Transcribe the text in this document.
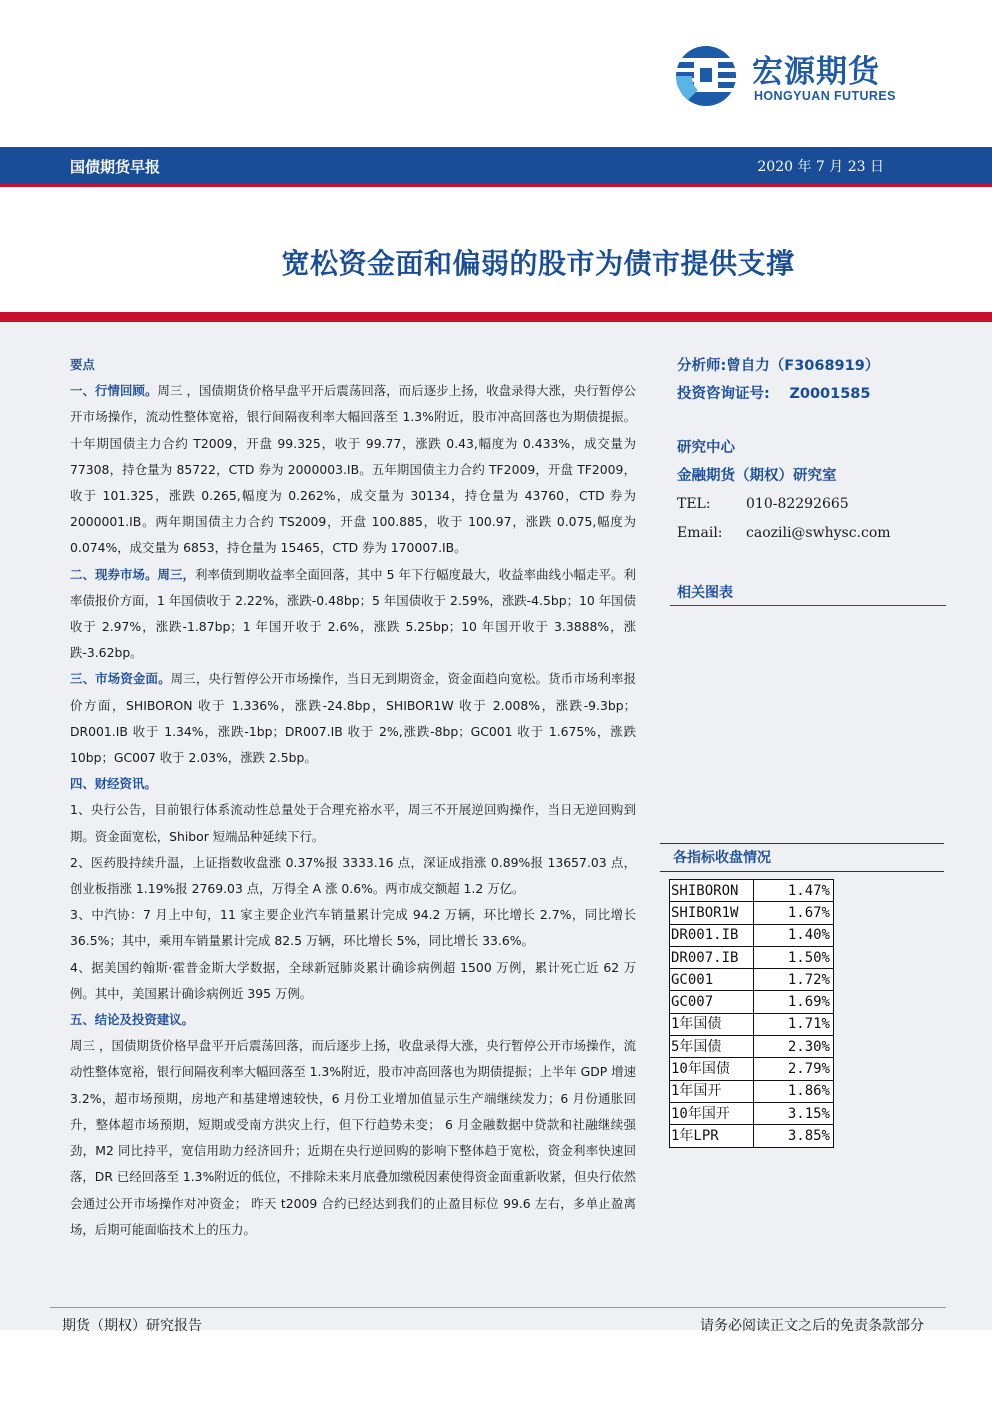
宏源期货
HONGYUAN FUTURES
国债期货早报	2020 年 7 月 23 日
宽松资金面和偏弱的股市为债市提供支撑

要点

一、行情回顾。周三 ，国债期货价格早盘平开后震荡回落，而后逐步上扬，收盘录得大涨，央行暂停公开市场操作，流动性整体宽裕，银行间隔夜利率大幅回落至 1.3%附近，股市冲高回落也为期债提振。十年期国债主力合约 T2009，开盘 99.325，收于 99.77，涨跌 0.43,幅度为 0.433%，成交量为 77308，持仓量为 85722，CTD 券为 2000003.IB。五年期国债主力合约 TF2009，开盘 TF2009，收于 101.325，涨跌 0.265,幅度为 0.262%，成交量为 30134，持仓量为 43760，CTD 券为 2000001.IB。两年期国债主力合约 TS2009，开盘 100.885，收于 100.97，涨跌 0.075,幅度为 0.074%，成交量为 6853，持仓量为 15465，CTD 券为 170007.IB。

二、现券市场。周三，利率债到期收益率全面回落，其中 5 年下行幅度最大，收益率曲线小幅走平。利率债报价方面，1 年国债收于 2.22%，涨跌-0.48bp；5 年国债收于 2.59%，涨跌-4.5bp；10 年国债收于 2.97%，涨跌-1.87bp；1 年国开收于 2.6%，涨跌 5.25bp；10 年国开收于 3.3888%，涨跌-3.62bp。

三、市场资金面。周三，央行暂停公开市场操作，当日无到期资金，资金面趋向宽松。货币市场利率报价方面，SHIBORON 收于 1.336%，涨跌-24.8bp，SHIBOR1W 收于 2.008%，涨跌-9.3bp；DR001.IB 收于 1.34%，涨跌-1bp；DR007.IB 收于 2%,涨跌-8bp；GC001 收于 1.675%，涨跌 10bp；GC007 收于 2.03%，涨跌 2.5bp。

四、财经资讯。

1、央行公告，目前银行体系流动性总量处于合理充裕水平，周三不开展逆回购操作，当日无逆回购到期。资金面宽松，Shibor 短端品种延续下行。

2、医药股持续升温，上证指数收盘涨 0.37%报 3333.16 点，深证成指涨 0.89%报 13657.03 点，创业板指涨 1.19%报 2769.03 点，万得全 A 涨 0.6%。两市成交额超 1.2 万亿。

3、中汽协：7 月上中旬，11 家主要企业汽车销量累计完成 94.2 万辆，环比增长 2.7%，同比增长 36.5%；其中，乘用车销量累计完成 82.5 万辆，环比增长 5%，同比增长 33.6%。

4、据美国约翰斯·霍普金斯大学数据，全球新冠肺炎累计确诊病例超 1500 万例，累计死亡近 62 万例。其中，美国累计确诊病例近 395 万例。

五、结论及投资建议。

周三 ，国债期货价格早盘平开后震荡回落，而后逐步上扬，收盘录得大涨，央行暂停公开市场操作，流动性整体宽裕，银行间隔夜利率大幅回落至 1.3%附近，股市冲高回落也为期债提振；上半年 GDP 增速 3.2%，超市场预期，房地产和基建增速较快，6 月份工业增加值显示生产端继续发力；6 月份通胀回升，整体超市场预期，短期或受南方洪灾上行，但下行趋势未变； 6 月金融数据中贷款和社融继续强劲，M2 同比持平，宽信用助力经济回升；近期在央行逆回购的影响下整体趋于宽松，资金利率快速回落，DR 已经回落至 1.3%附近的低位，不排除未来月底叠加缴税因素使得资金面重新收紧，但央行依然会通过公开市场操作对冲资金； 昨天 t2009 合约已经达到我们的止盈目标位 99.6 左右，多单止盈离场，后期可能面临技术上的压力。

分析师:曾自力（F3068919）
投资咨询证号:　 Z0001585
研究中心
金融期货（期权）研究室
TEL:	010-82292665
Email: caozili@swhysc.com
相关图表
各指标收盘情况
SHIBORON	1.47%
SHIBOR1W	1.67%
DR001.IB	1.40%
DR007.IB	1.50%
GC001	1.72%
GC007	1.69%
1年国债	1.71%
5年国债	2.30%
10年国债	2.79%
1年国开	1.86%
10年国开	3.15%
1年LPR	3.85%
期货（期权）研究报告	请务必阅读正文之后的免责条款部分
